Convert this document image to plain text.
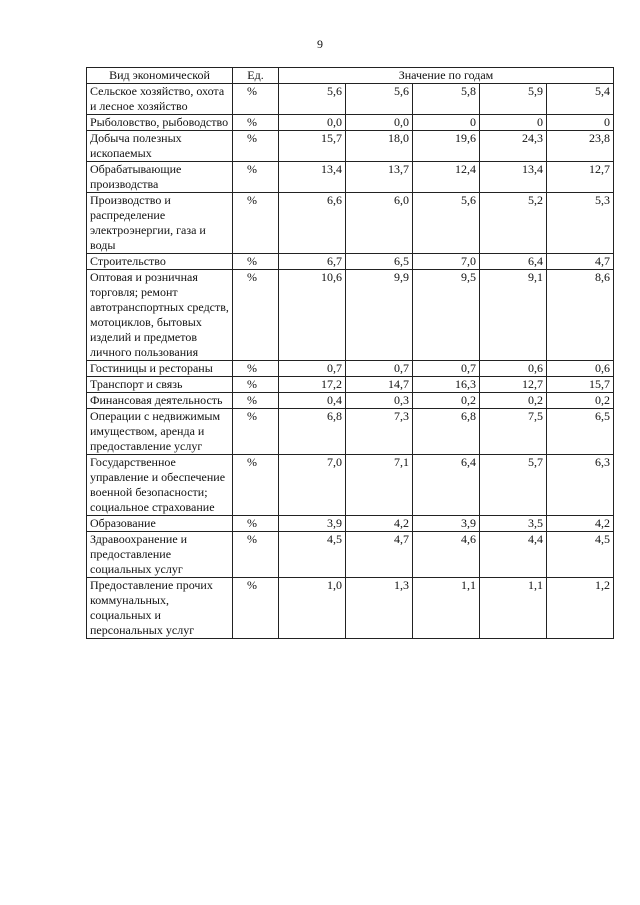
9
Вид экономической	Ед.	Значение по годам				
Сельское хозяйство, охота и лесное хозяйство	%	5,6	5,6	5,8	5,9	5,4
Рыболовство, рыбоводство	%	0,0	0,0	0	0	0
Добыча полезных ископаемых	%	15,7	18,0	19,6	24,3	23,8
Обрабатывающие производства	%	13,4	13,7	12,4	13,4	12,7
Производство и распределение электроэнергии, газа и воды	%	6,6	6,0	5,6	5,2	5,3
Строительство	%	6,7	6,5	7,0	6,4	4,7
Оптовая и розничная торговля; ремонт автотранспортных средств, мотоциклов, бытовых изделий и предметов личного пользования	%	10,6	9,9	9,5	9,1	8,6
Гостиницы и рестораны	%	0,7	0,7	0,7	0,6	0,6
Транспорт и связь	%	17,2	14,7	16,3	12,7	15,7
Финансовая деятельность	%	0,4	0,3	0,2	0,2	0,2
Операции с недвижимым имуществом, аренда и предоставление услуг	%	6,8	7,3	6,8	7,5	6,5
Государственное управление и обеспечение военной безопасности; социальное страхование	%	7,0	7,1	6,4	5,7	6,3
Образование	%	3,9	4,2	3,9	3,5	4,2
Здравоохранение и предоставление социальных услуг	%	4,5	4,7	4,6	4,4	4,5
Предоставление прочих коммунальных, социальных и персональных услуг	%	1,0	1,3	1,1	1,1	1,2
